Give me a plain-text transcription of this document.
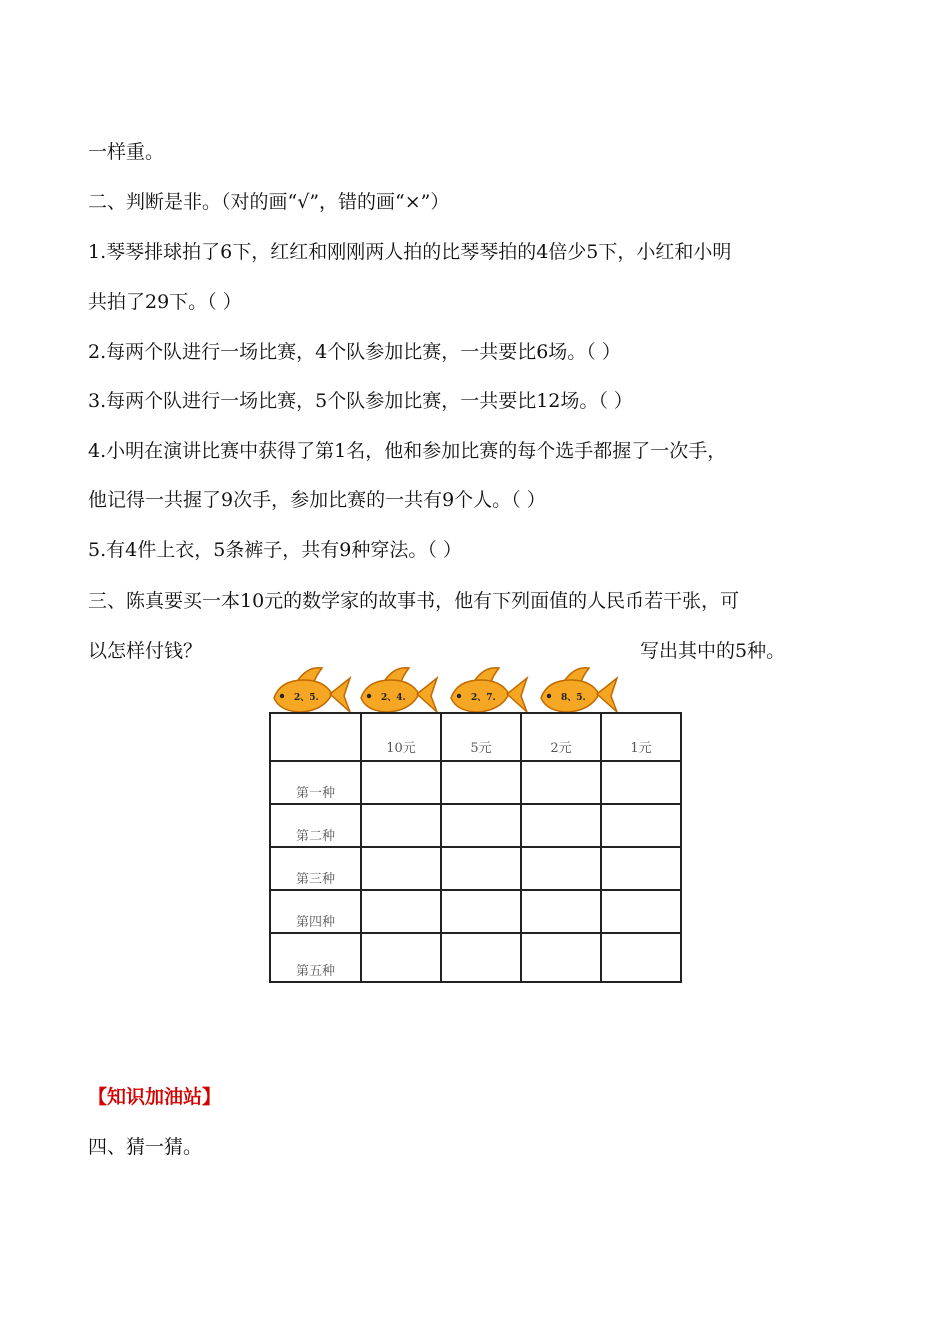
一样重。
二、判断是非。（对的画“√”，错的画“×”）
1.琴琴排球拍了6下，红红和刚刚两人拍的比琴琴拍的4倍少5下，小红和小明
共拍了29下。（ ）
2.每两个队进行一场比赛，4个队参加比赛，一共要比6场。（ ）
3.每两个队进行一场比赛，5个队参加比赛，一共要比12场。（ ）
4.小明在演讲比赛中获得了第1名，他和参加比赛的每个选手都握了一次手，
他记得一共握了9次手，参加比赛的一共有9个人。（ ）
5.有4件上衣，5条裤子，共有9种穿法。（ ）
三、陈真要买一本10元的数学家的故事书，他有下列面值的人民币若干张，可
以怎样付钱？	写出其中的5种。
2、5.	2、4.	2、7.	8、5.
	10元	5元	2元	1元
第一种				
第二种				
第三种				
第四种				
第五种				
【知识加油站】
四、猜一猜。
